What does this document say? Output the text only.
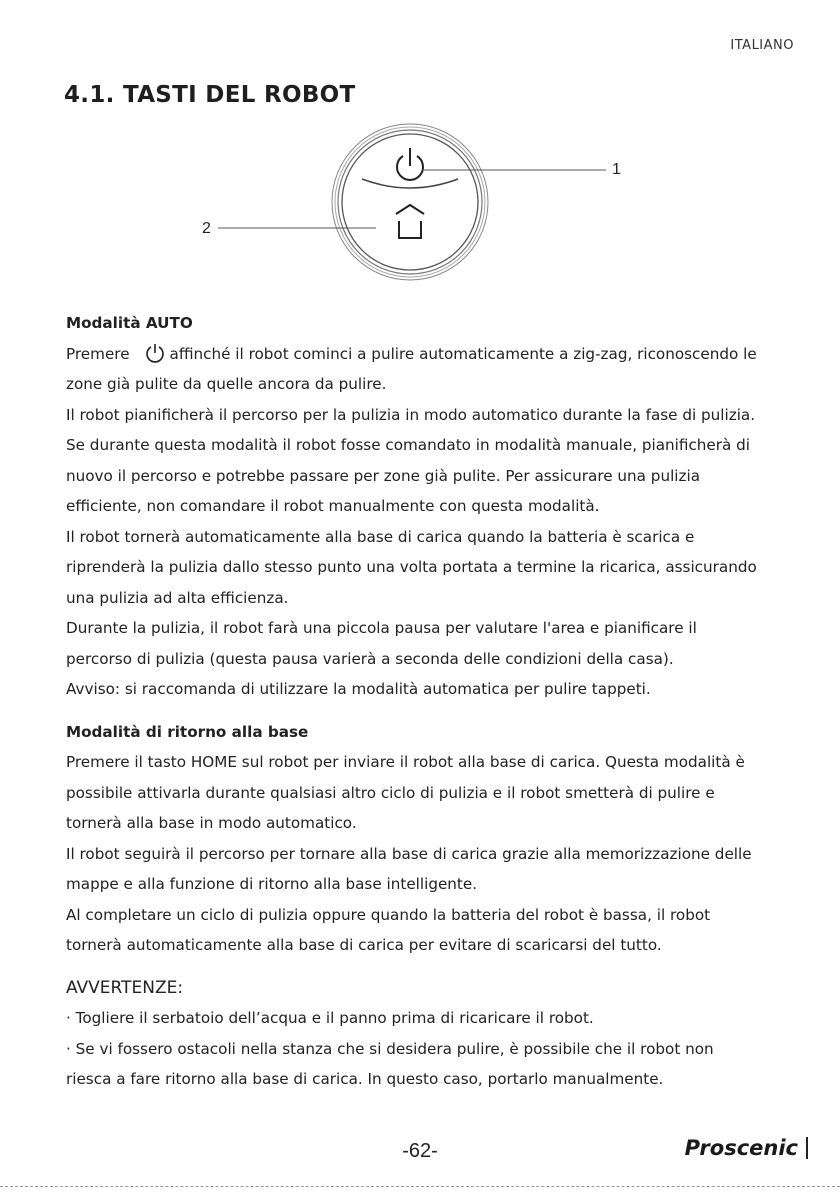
ITALIANO
4.1. TASTI DEL ROBOT
1
2

Modalità AUTO

Premere	affinché il robot cominci a pulire automaticamente a zig-zag, riconoscendo le zone già pulite da quelle ancora da pulire.

Il robot pianificherà il percorso per la pulizia in modo automatico durante la fase di pulizia. Se durante questa modalità il robot fosse comandato in modalità manuale, pianificherà di nuovo il percorso e potrebbe passare per zone già pulite. Per assicurare una pulizia efficiente, non comandare il robot manualmente con questa modalità.

Il robot tornerà automaticamente alla base di carica quando la batteria è scarica e riprenderà la pulizia dallo stesso punto una volta portata a termine la ricarica, assicurando una pulizia ad alta efficienza.

Durante la pulizia, il robot farà una piccola pausa per valutare l'area e pianificare il percorso di pulizia (questa pausa varierà a seconda delle condizioni della casa).

Avviso: si raccomanda di utilizzare la modalità automatica per pulire tappeti.

Modalità di ritorno alla base

Premere il tasto HOME sul robot per inviare il robot alla base di carica. Questa modalità è possibile attivarla durante qualsiasi altro ciclo di pulizia e il robot smetterà di pulire e tornerà alla base in modo automatico.

Il robot seguirà il percorso per tornare alla base di carica grazie alla memorizzazione delle mappe e alla funzione di ritorno alla base intelligente.

Al completare un ciclo di pulizia oppure quando la batteria del robot è bassa, il robot tornerà automaticamente alla base di carica per evitare di scaricarsi del tutto.

AVVERTENZE:

· Togliere il serbatoio dell’acqua e il panno prima di ricaricare il robot.

· Se vi fossero ostacoli nella stanza che si desidera pulire, è possibile che il robot non riesca a fare ritorno alla base di carica. In questo caso, portarlo manualmente.

-62-	Proscenic
